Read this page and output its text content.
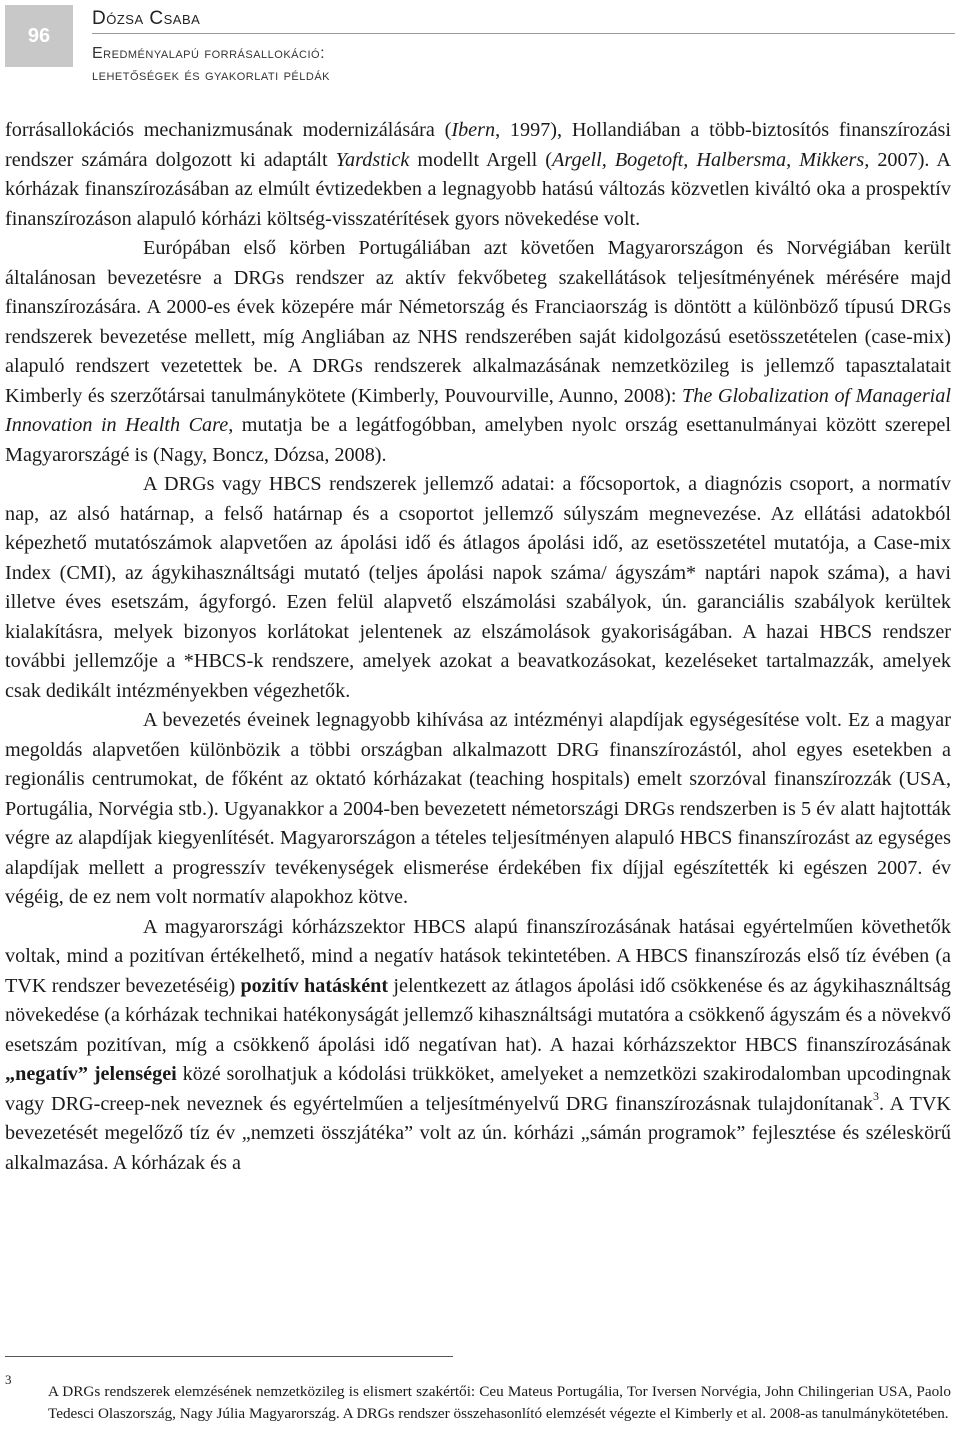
96
Dózsa Csaba
Eredményalapú forrásallokáció:
lehetőségek és gyakorlati példák

forrásallokációs mechanizmusának modernizálására (Ibern, 1997), Hollandiában a több-biztosítós finanszírozási rendszer számára dolgozott ki adaptált Yardstick modellt Argell (Argell, Bogetoft, Halbersma, Mikkers, 2007). A kórházak finanszírozásában az elmúlt évtizedekben a legnagyobb hatású változás közvetlen kiváltó oka a prospektív finanszírozáson alapuló kórházi költség-visszatérítések gyors növekedése volt.

Európában első körben Portugáliában azt követően Magyarországon és Norvégiában került általánosan bevezetésre a DRGs rendszer az aktív fekvőbeteg szakellátások teljesítményének mérésére majd finanszírozására. A 2000-es évek közepére már Németország és Franciaország is döntött a különböző típusú DRGs rendszerek bevezetése mellett, míg Angliában az NHS rendszerében saját kidolgozású esetösszetételen (case-mix) alapuló rendszert vezetettek be. A DRGs rendszerek alkalmazásának nemzetközileg is jellemző tapasztalatait Kimberly és szerzőtársai tanulmánykötete (Kimberly, Pouvourville, Aunno, 2008): The Globalization of Managerial Innovation in Health Care, mutatja be a legátfogóbban, amelyben nyolc ország esettanulmányai között szerepel Magyarországé is (Nagy, Boncz, Dózsa, 2008).

A DRGs vagy HBCS rendszerek jellemző adatai: a főcsoportok, a diagnózis csoport, a normatív nap, az alsó határnap, a felső határnap és a csoportot jellemző súlyszám megnevezése. Az ellátási adatokból képezhető mutatószámok alapvetően az ápolási idő és átlagos ápolási idő, az esetösszetétel mutatója, a Case-mix Index (CMI), az ágykihasználtsági mutató (teljes ápolási napok száma/ ágyszám* naptári napok száma), a havi illetve éves esetszám, ágyforgó. Ezen felül alapvető elszámolási szabályok, ún. garanciális szabályok kerültek kialakításra, melyek bizonyos korlátokat jelentenek az elszámolások gyakoriságában. A hazai HBCS rendszer további jellemzője a *HBCS-k rendszere, amelyek azokat a beavatkozásokat, kezeléseket tartalmazzák, amelyek csak dedikált intézményekben végezhetők.

A bevezetés éveinek legnagyobb kihívása az intézményi alapdíjak egységesítése volt. Ez a magyar megoldás alapvetően különbözik a többi országban alkalmazott DRG finanszírozástól, ahol egyes esetekben a regionális centrumokat, de főként az oktató kórházakat (teaching hospitals) emelt szorzóval finanszírozzák (USA, Portugália, Norvégia stb.). Ugyanakkor a 2004-ben bevezetett németországi DRGs rendszerben is 5 év alatt hajtották végre az alapdíjak kiegyenlítését. Magyarországon a tételes teljesítményen alapuló HBCS finanszírozást az egységes alapdíjak mellett a progresszív tevékenységek elismerése érdekében fix díjjal egészítették ki egészen 2007. év végéig, de ez nem volt normatív alapokhoz kötve.

A magyarországi kórházszektor HBCS alapú finanszírozásának hatásai egyértelműen követhetők voltak, mind a pozitívan értékelhető, mind a negatív hatások tekintetében. A HBCS finanszírozás első tíz évében (a TVK rendszer bevezetéséig) pozitív hatásként jelentkezett az átlagos ápolási idő csökkenése és az ágykihasználtság növekedése (a kórházak technikai hatékonyságát jellemző kihasználtsági mutatóra a csökkenő ágyszám és a növekvő esetszám pozitívan, míg a csökkenő ápolási idő negatívan hat). A hazai kórházszektor HBCS finanszírozásának „negatív” jelenségei közé sorolhatjuk a kódolási trükköket, amelyeket a nemzetközi szakirodalomban upcodingnak vagy DRG-creep-nek neveznek és egyértelműen a teljesítményelvű DRG finanszírozásnak tulajdonítanak$^3$. A TVK bevezetését megelőző tíz év „nemzeti összjátéka” volt az ún. kórházi „sámán programok” fejlesztése és széleskörű alkalmazása. A kórházak és a

3
A DRGs rendszerek elemzésének nemzetközileg is elismert szakértői: Ceu Mateus Portugália, Tor Iversen Norvégia, John Chilingerian USA, Paolo Tedesci Olaszország, Nagy Júlia Magyarország. A DRGs rendszer összehasonlító elemzését végezte el Kimberly et al. 2008-as tanulmánykötetében.
